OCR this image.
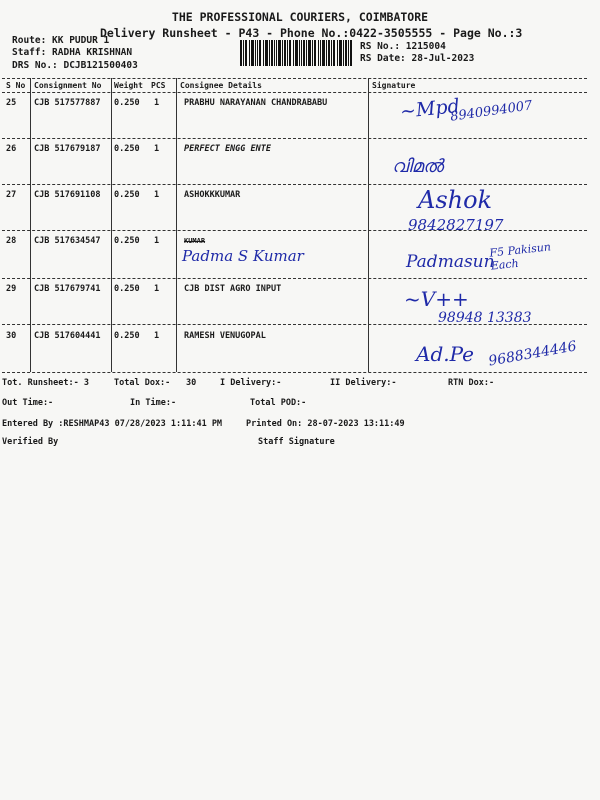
THE PROFESSIONAL COURIERS, COIMBATORE
Delivery Runsheet - P43 - Phone No.:0422-3505555 - Page No.:3
Route: KK PUDUR 1
Staff: RADHA KRISHNAN
DRS No.: DCJB121500403
RS No.: 1215004
RS Date: 28-Jul-2023
S No Consignment No Weight PCS Consignee Details	Signature
25 CJB 517577887 0.250 1	PRABHU NARAYANAN CHANDRABABU	~Mpd
8940994007
26 CJB 517679187 0.250 1	PERFECT ENGG ENTE
വിമൽ
27 CJB 517691108 0.250 1	ASHOKKKUMAR	Ashok
9842827197
28 CJB 517634547 0.250 1	KUMAR
Padma S Kumar	Padmasun
F5 Pakisun Each
29 CJB 517679741 0.250 1	CJB DIST AGRO INPUT	~V++
98948 13383
30 CJB 517604441 0.250 1	RAMESH VENUGOPAL
Ad.Pe 9688344446
Tot. Runsheet:- 3	Total Dox:- 30	I Delivery:-	II Delivery:-	RTN Dox:-
Out Time:-	In Time:-	Total POD:-
Entered By :RESHMAP43 07/28/2023 1:11:41 PM	Printed On: 28-07-2023 13:11:49
Verified By	Staff Signature
